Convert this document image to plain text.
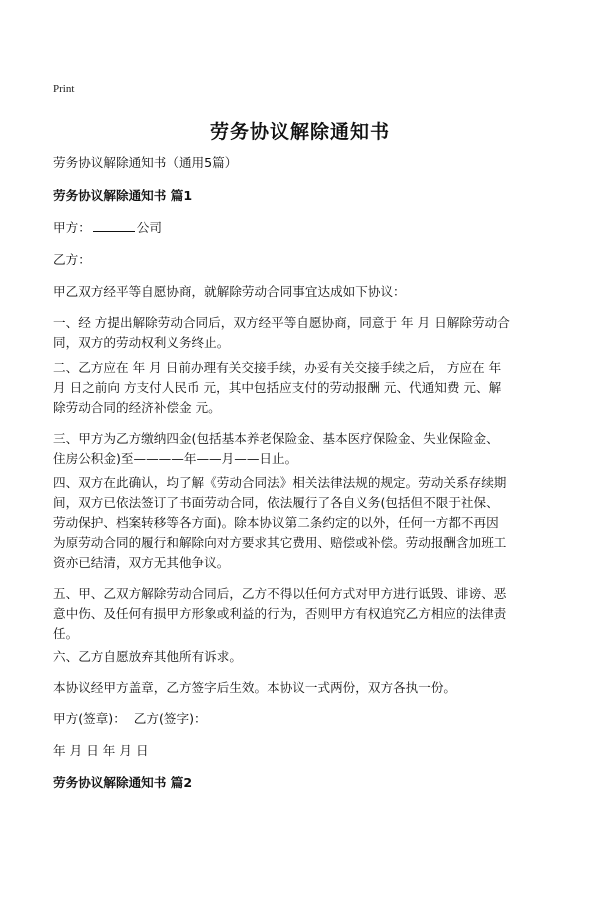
Print
劳务协议解除通知书
劳务协议解除通知书（通用5篇）
劳务协议解除通知书 篇1
甲方：	公司
乙方：
甲乙双方经平等自愿协商，就解除劳动合同事宜达成如下协议：
一、经 方提出解除劳动合同后，双方经平等自愿协商，同意于 年 月 日解除劳动合
同，双方的劳动权利义务终止。
二、乙方应在 年 月 日前办理有关交接手续，办妥有关交接手续之后， 方应在 年
月 日之前向 方支付人民币 元，其中包括应支付的劳动报酬 元、代通知费 元、解
除劳动合同的经济补偿金 元。
三、甲方为乙方缴纳四金(包括基本养老保险金、基本医疗保险金、失业保险金、
住房公积金)至————年——月——日止。
四、双方在此确认，均了解《劳动合同法》相关法律法规的规定。劳动关系存续期
间，双方已依法签订了书面劳动合同，依法履行了各自义务(包括但不限于社保、
劳动保护、档案转移等各方面)。除本协议第二条约定的以外，任何一方都不再因
为原劳动合同的履行和解除向对方要求其它费用、赔偿或补偿。劳动报酬含加班工
资亦已结清，双方无其他争议。
五、甲、乙双方解除劳动合同后，乙方不得以任何方式对甲方进行诋毁、诽谤、恶
意中伤、及任何有损甲方形象或利益的行为，否则甲方有权追究乙方相应的法律责
任。
六、乙方自愿放弃其他所有诉求。
本协议经甲方盖章，乙方签字后生效。本协议一式两份，双方各执一份。
甲方(签章)：  乙方(签字)：
年 月 日 年 月 日
劳务协议解除通知书 篇2
